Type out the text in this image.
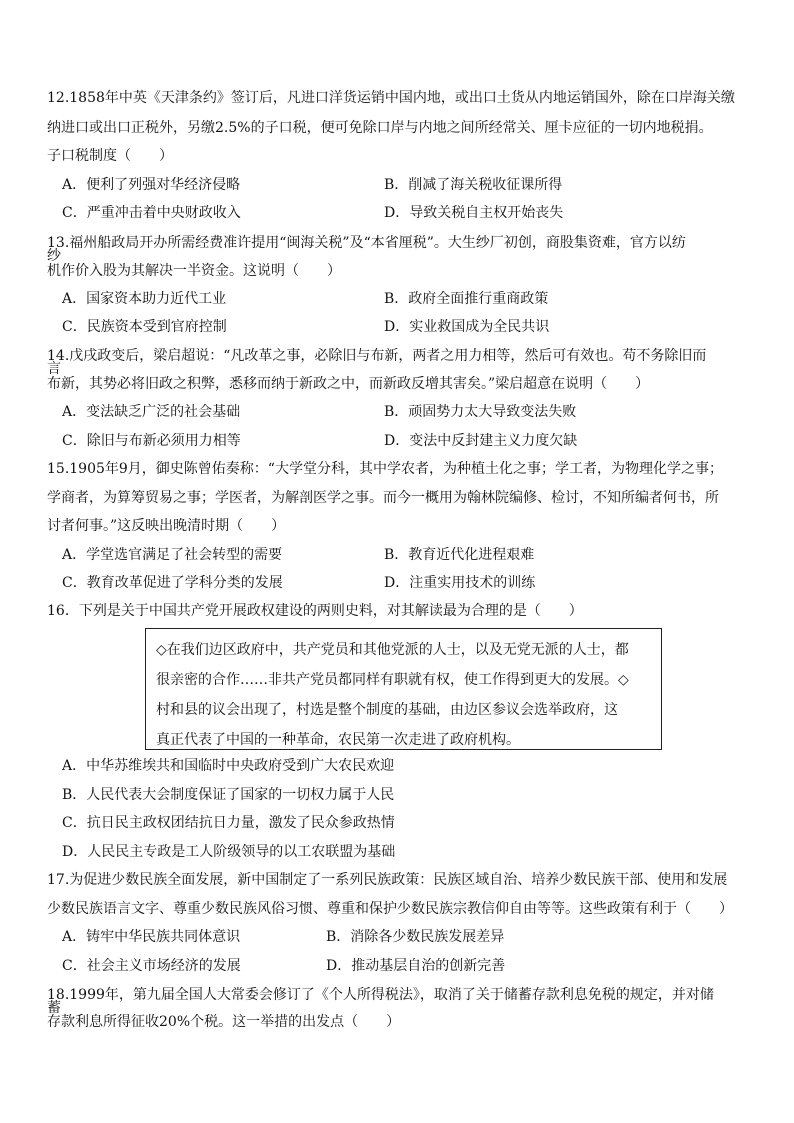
12.1858年中英《天津条约》签订后，凡进口洋货运销中国内地，或出口土货从内地运销国外，除在口岸海关缴
纳进口或出口正税外，另缴2.5%的子口税，便可免除口岸与内地之间所经常关、厘卡应征的一切内地税捐。
子口税制度（　　）
A．便利了列强对华经济侵略	B．削减了海关税收征课所得
C．严重冲击着中央财政收入	D．导致关税自主权开始丧失
13.福州船政局开办所需经费准许提用“闽海关税”及“本省厘税”。大生纱厂初创，商股集资难，官方以纺
纱
机作价入股为其解决一半资金。这说明（　　）
A．国家资本助力近代工业	B．政府全面推行重商政策
C．民族资本受到官府控制	D．实业救国成为全民共识
14.戊戌政变后，梁启超说：“凡改革之事，必除旧与布新，两者之用力相等，然后可有效也。苟不务除旧而
言
布新，其势必将旧政之积弊，悉移而纳于新政之中，而新政反增其害矣。”梁启超意在说明（　　）
A．变法缺乏广泛的社会基础	B．顽固势力太大导致变法失败
C．除旧与布新必须用力相等	D．变法中反封建主义力度欠缺
15.1905年9月，御史陈曾佑奏称：“大学堂分科，其中学农者，为种植土化之事；学工者，为物理化学之事；
学商者，为算筹贸易之事；学医者，为解剖医学之事。而今一概用为翰林院编修、检讨，不知所编者何书，所
讨者何事。”这反映出晚清时期（　　）
A．学堂选官满足了社会转型的需要	B．教育近代化进程艰难
C．教育改革促进了学科分类的发展	D．注重实用技术的训练
16．下列是关于中国共产党开展政权建设的两则史料，对其解读最为合理的是（　　）
◇在我们边区政府中，共产党员和其他党派的人士，以及无党无派的人士，都
很亲密的合作……非共产党员都同样有职就有权，使工作得到更大的发展。◇
村和县的议会出现了，村选是整个制度的基础，由边区参议会选举政府，这
真正代表了中国的一种革命，农民第一次走进了政府机构。
A．中华苏维埃共和国临时中央政府受到广大农民欢迎
B．人民代表大会制度保证了国家的一切权力属于人民
C．抗日民主政权团结抗日力量，激发了民众参政热情
D．人民民主专政是工人阶级领导的以工农联盟为基础
17.为促进少数民族全面发展，新中国制定了一系列民族政策：民族区域自治、培养少数民族干部、使用和发展
少数民族语言文字、尊重少数民族风俗习惯、尊重和保护少数民族宗教信仰自由等等。这些政策有利于（　　）
A．铸牢中华民族共同体意识	B．消除各少数民族发展差异
C．社会主义市场经济的发展	D．推动基层自治的创新完善
18.1999年，第九届全国人大常委会修订了《个人所得税法》，取消了关于储蓄存款利息免税的规定，并对储
蓄
存款利息所得征收20%个税。这一举措的出发点（　　）
